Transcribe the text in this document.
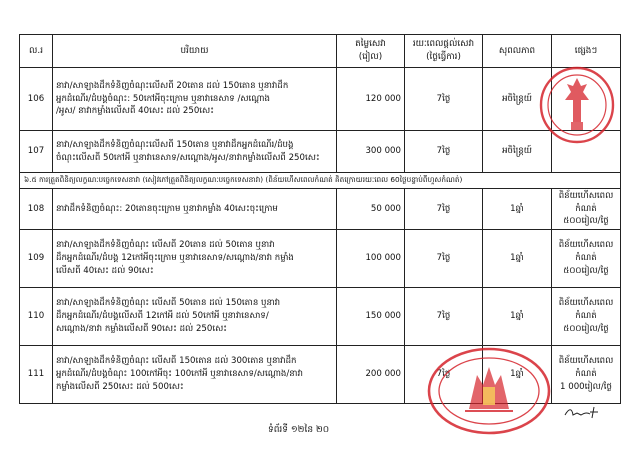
ល.រ	បរិយាយ	តម្លៃសេវា
(រៀល)	រយៈពេលផ្ដល់សេវា
(ថ្ងៃធ្វើការ)	សុពលភាព	ផ្សេងៗ
106	នាវា/សាឡាងដឹកទំនិញចំណុះលើសពី 20តោន ដល់ 150តោន ឬនាវាដឹក
អ្នកដំណើរ/ដំបង្គចំណុះ: 50កៅអីចុះក្រោម ឬនាវានេសាទ /សណ្ដោង
/អូស/ នាវាកម្លាំងលើសពី 40សេះ ដល់ 250សេះ	120 000	7ថ្ងៃ	អចិន្ត្រៃយ៍	
107	នាវា/សាឡាងដឹកទំនិញចំណុះលើសពី 150តោន ឬនាវាដឹកអ្នកដំណើរ/ដំបង្គ
ចំណុះលើសពី 50កៅអី ឬនាវានេសាទ/សណ្ដោង/អូស/នាវាកម្លាំងលើសពី 250សេះ	300 000	7ថ្ងៃ	អចិន្ត្រៃយ៍	
៦.៥ ការត្រួតពិនិត្យលក្ខណៈបច្ចេកទេសនាវា (សៀវភៅត្រួតពិនិត្យលក្ខណៈបច្ចេកទេសនាវា) (ពិន័យហើសពេលកំណត់ គិតក្រោយរយៈពេល 60ថ្ងៃបន្ទាប់ពីហួសកំណត់)					
108	នាវាដឹកទំនិញចំណុះ: 20តោនចុះក្រោម ឬនាវាកម្លាំង 40សេះចុះក្រោម	50 000	7ថ្ងៃ	1ឆ្នាំ	ពិន័យហើសពេលកំណត់
៥០០រៀល/ថ្ងៃ

109	នាវា/សាឡាងដឹកទំនិញចំណុះ លើសពី 20តោន ដល់ 50តោន ឬនាវា
ដឹកអ្នកដំណើរ/ដំបង្គ 12កៅអីចុះក្រោម ឬនាវានេសាទ/សណ្ដោង/នាវា កម្លាំង
លើសពី 40សេះ ដល់ 90សេះ	100 000	7ថ្ងៃ	1ឆ្នាំ	ពិន័យហើសពេលកំណត់
៥០០រៀល/ថ្ងៃ

110	នាវា/សាឡាងដឹកទំនិញចំណុះ លើសពី 50តោន ដល់ 150តោន ឬនាវា
ដឹកអ្នកដំណើរ/ដំបង្គលើសពី 12កៅអី ដល់ 50កៅអី ឬនាវានេសាទ/
សណ្ដោង/នាវា កម្លាំងលើសពី 90សេះ ដល់ 250សេះ	150 000	7ថ្ងៃ	1ឆ្នាំ	ពិន័យហើសពេលកំណត់
៥០០រៀល/ថ្ងៃ

111	នាវា/សាឡាងដឹកទំនិញចំណុះ លើសពី 150តោន ដល់ 300តោន ឬនាវាដឹក
អ្នកដំណើរ/ដំបង្គចំណុះ 100កៅអីចុះ 100កៅអី ឬនាវានេសាទ/សណ្ដោង/នាវា
កម្លាំងលើសពី 250សេះ ដល់ 500សេះ	200 000	7ថ្ងៃ	1ឆ្នាំ	ពិន័យហើសពេលកំណត់
1 000រៀល/ថ្ងៃ
ទំព័រទី ១២នៃ ២០
